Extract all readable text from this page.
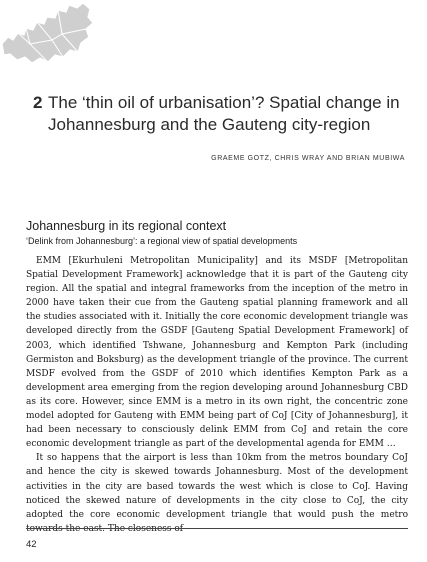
2 The ‘thin oil of urbanisation’? Spatial change in Johannesburg and the Gauteng city-region
GRAEME GOTZ, CHRIS WRAY AND BRIAN MUBIWA
Johannesburg in its regional context
‘Delink from Johannesburg’: a regional view of spatial developments

EMM [Ekurhuleni Metropolitan Municipality] and its MSDF [Metropolitan Spatial Development Framework] acknowledge that it is part of the Gauteng city region. All the spatial and integral frameworks from the inception of the metro in 2000 have taken their cue from the Gauteng spatial planning framework and all the studies associated with it. Initially the core economic development triangle was developed directly from the GSDF [Gauteng Spatial Development Framework] of 2003, which identified Tshwane, Johannesburg and Kempton Park (including Germiston and Boksburg) as the development triangle of the province. The current MSDF evolved from the GSDF of 2010 which identifies Kempton Park as a development area emerging from the region developing around Johannesburg CBD as its core. However, since EMM is a metro in its own right, the concentric zone model adopted for Gauteng with EMM being part of CoJ [City of Johannesburg], it had been necessary to consciously delink EMM from CoJ and retain the core economic development triangle as part of the developmental agenda for EMM …

It so happens that the airport is less than 10km from the metros boundary CoJ and hence the city is skewed towards Johannesburg. Most of the development activities in the city are based towards the west which is close to CoJ. Having noticed the skewed nature of developments in the city close to CoJ, the city adopted the core economic development triangle that would push the metro towards the east. The closeness of

42
